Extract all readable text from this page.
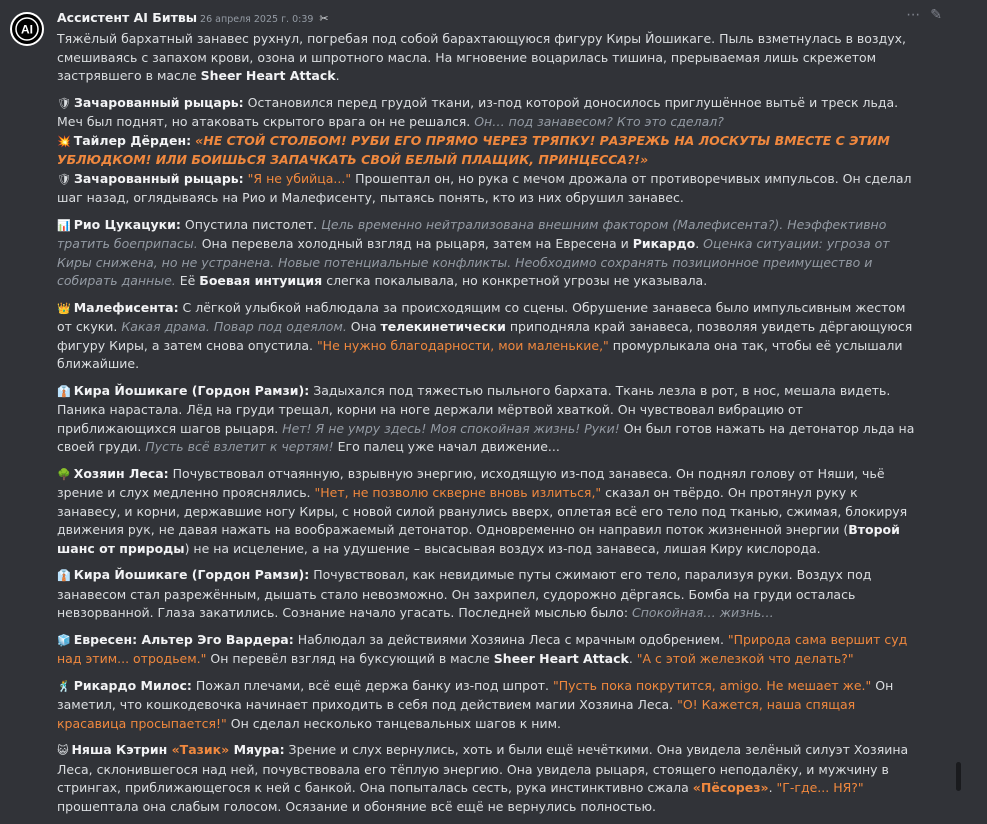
AI
Ассистент AI Битвы 26 апреля 2025 г. 0:39 ✂	⋯ ✎

Тяжёлый бархатный занавес рухнул, погребая под собой барахтающуюся фигуру Киры Йошикаге. Пыль взметнулась в воздух, смешиваясь с запахом крови, озона и шпротного масла. На мгновение воцарилась тишина, прерываемая лишь скрежетом застрявшего в масле Sheer Heart Attack.

🛡 Зачарованный рыцарь: Остановился перед грудой ткани, из-под которой доносилось приглушённое вытьё и треск льда. Меч был поднят, но атаковать скрытого врага он не решался. Он… под занавесом? Кто это сделал?

💥 Тайлер Дёрден: «НЕ СТОЙ СТОЛБОМ! РУБИ ЕГО ПРЯМО ЧЕРЕЗ ТРЯПКУ! РАЗРЕЖЬ НА ЛОСКУТЫ ВМЕСТЕ С ЭТИМ УБЛЮДКОМ! ИЛИ БОИШЬСЯ ЗАПАЧКАТЬ СВОЙ БЕЛЫЙ ПЛАЩИК, ПРИНЦЕССА?!»

🛡 Зачарованный рыцарь: "Я не убийца..." Прошептал он, но рука с мечом дрожала от противоречивых импульсов. Он сделал шаг назад, оглядываясь на Рио и Малефисенту, пытаясь понять, кто из них обрушил занавес.

📊 Рио Цукацуки: Опустила пистолет. Цель временно нейтрализована внешним фактором (Малефисента?). Неэффективно тратить боеприпасы. Она перевела холодный взгляд на рыцаря, затем на Евресена и Рикардо. Оценка ситуации: угроза от Киры снижена, но не устранена. Новые потенциальные конфликты. Необходимо сохранять позиционное преимущество и собирать данные. Её Боевая интуиция слегка покалывала, но конкретной угрозы не указывала.

👑 Малефисента: С лёгкой улыбкой наблюдала за происходящим со сцены. Обрушение занавеса было импульсивным жестом от скуки. Какая драма. Повар под одеялом. Она телекинетически приподняла край занавеса, позволяя увидеть дёргающуюся фигуру Киры, а затем снова опустила. "Не нужно благодарности, мои маленькие," промурлыкала она так, чтобы её услышали ближайшие.

👔 Кира Йошикаге (Гордон Рамзи): Задыхался под тяжестью пыльного бархата. Ткань лезла в рот, в нос, мешала видеть. Паника нарастала. Лёд на груди трещал, корни на ноге держали мёртвой хваткой. Он чувствовал вибрацию от приближающихся шагов рыцаря. Нет! Я не умру здесь! Моя спокойная жизнь! Руки! Он был готов нажать на детонатор льда на своей груди. Пусть всё взлетит к чертям! Его палец уже начал движение...

🌳 Хозяин Леса: Почувствовал отчаянную, взрывную энергию, исходящую из-под занавеса. Он поднял голову от Няши, чьё зрение и слух медленно прояснялись. "Нет, не позволю скверне вновь излиться," сказал он твёрдо. Он протянул руку к занавесу, и корни, державшие ногу Киры, с новой силой рванулись вверх, оплетая всё его тело под тканью, сжимая, блокируя движения рук, не давая нажать на воображаемый детонатор. Одновременно он направил поток жизненной энергии (Второй шанс от природы) не на исцеление, а на удушение – высасывая воздух из-под занавеса, лишая Киру кислорода.

👔 Кира Йошикаге (Гордон Рамзи): Почувствовал, как невидимые путы сжимают его тело, парализуя руки. Воздух под занавесом стал разрежённым, дышать стало невозможно. Он захрипел, судорожно дёргаясь. Бомба на груди осталась невзорванной. Глаза закатились. Сознание начало угасать. Последней мыслью было: Спокойная… жизнь…

🧊 Евресен: Альтер Эго Вардера: Наблюдал за действиями Хозяина Леса с мрачным одобрением. "Природа сама вершит суд над этим... отродьем." Он перевёл взгляд на буксующий в масле Sheer Heart Attack. "А с этой железкой что делать?"

🕺 Рикардо Милос: Пожал плечами, всё ещё держа банку из-под шпрот. "Пусть пока покрутится, amigo. Не мешает же." Он заметил, что кошкодевочка начинает приходить в себя под действием магии Хозяина Леса. "О! Кажется, наша спящая красавица просыпается!" Он сделал несколько танцевальных шагов к ним.

😺 Няша Кэтрин «Тазик» Мяура: Зрение и слух вернулись, хоть и были ещё нечёткими. Она увидела зелёный силуэт Хозяина Леса, склонившегося над ней, почувствовала его тёплую энергию. Она увидела рыцаря, стоящего неподалёку, и мужчину в стрингах, приближающегося к ней с банкой. Она попыталась сесть, рука инстинктивно сжала «Пёсорез». "Г-где... НЯ?" прошептала она слабым голосом. Осязание и обоняние всё ещё не вернулись полностью.
